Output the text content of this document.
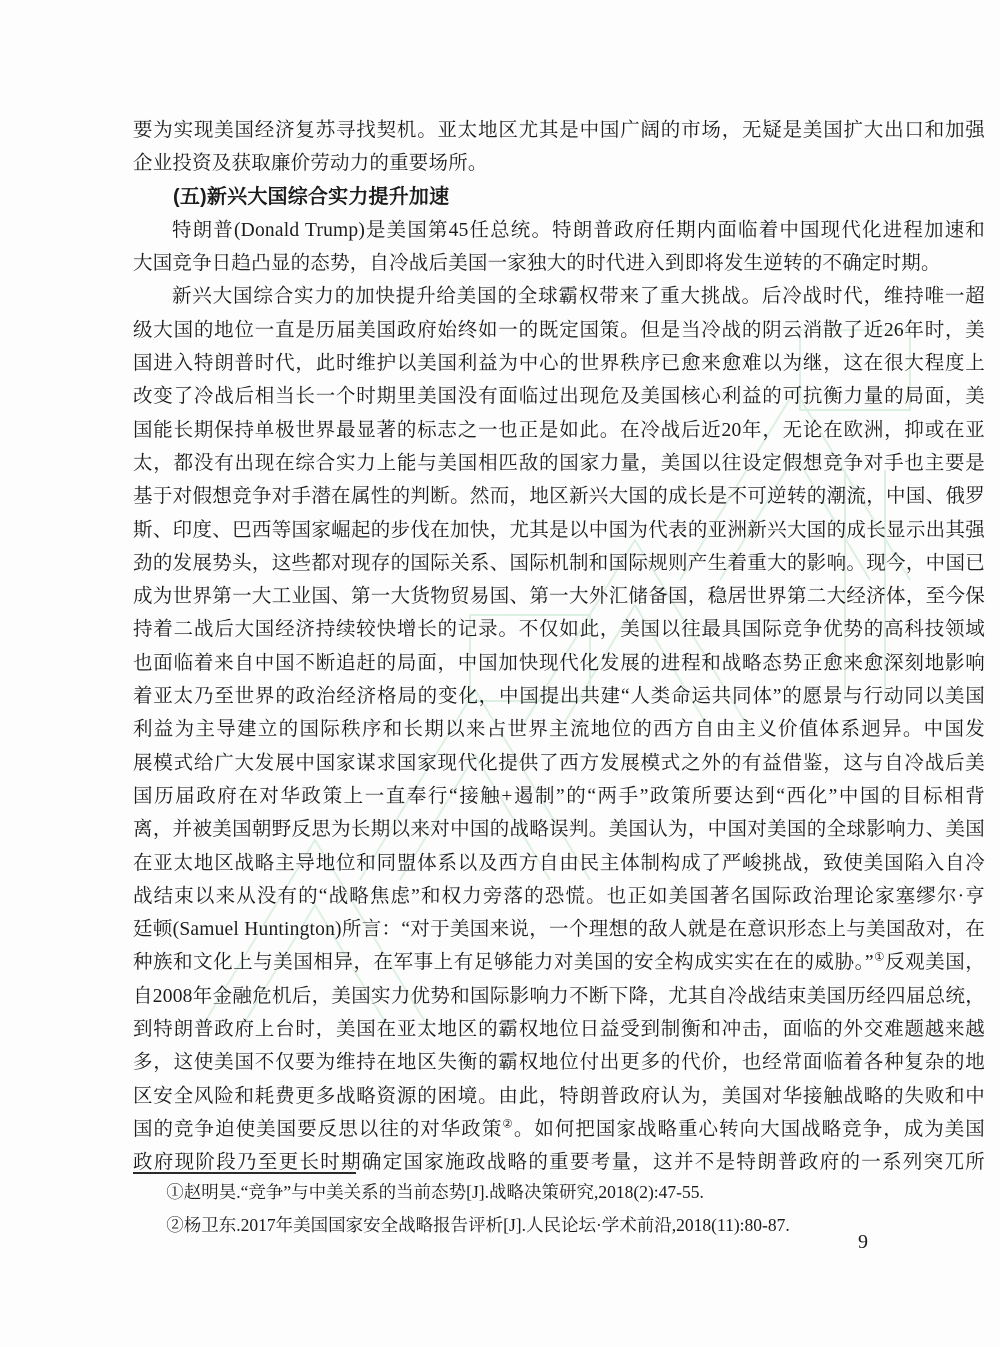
要为实现美国经济复苏寻找契机。亚太地区尤其是中国广阔的市场，无疑是美国扩大出口和加强
企业投资及获取廉价劳动力的重要场所。
(五)新兴大国综合实力提升加速
特朗普(Donald Trump)是美国第45任总统。特朗普政府任期内面临着中国现代化进程加速和
大国竞争日趋凸显的态势，自冷战后美国一家独大的时代进入到即将发生逆转的不确定时期。
新兴大国综合实力的加快提升给美国的全球霸权带来了重大挑战。后冷战时代，维持唯一超
级大国的地位一直是历届美国政府始终如一的既定国策。但是当冷战的阴云消散了近26年时，美
国进入特朗普时代，此时维护以美国利益为中心的世界秩序已愈来愈难以为继，这在很大程度上
改变了冷战后相当长一个时期里美国没有面临过出现危及美国核心利益的可抗衡力量的局面，美
国能长期保持单极世界最显著的标志之一也正是如此。在冷战后近20年，无论在欧洲，抑或在亚
太，都没有出现在综合实力上能与美国相匹敌的国家力量，美国以往设定假想竞争对手也主要是
基于对假想竞争对手潜在属性的判断。然而，地区新兴大国的成长是不可逆转的潮流，中国、俄罗
斯、印度、巴西等国家崛起的步伐在加快，尤其是以中国为代表的亚洲新兴大国的成长显示出其强
劲的发展势头，这些都对现存的国际关系、国际机制和国际规则产生着重大的影响。现今，中国已
成为世界第一大工业国、第一大货物贸易国、第一大外汇储备国，稳居世界第二大经济体，至今保
持着二战后大国经济持续较快增长的记录。不仅如此，美国以往最具国际竞争优势的高科技领域
也面临着来自中国不断追赶的局面，中国加快现代化发展的进程和战略态势正愈来愈深刻地影响
着亚太乃至世界的政治经济格局的变化，中国提出共建“人类命运共同体”的愿景与行动同以美国
利益为主导建立的国际秩序和长期以来占世界主流地位的西方自由主义价值体系迥异。中国发
展模式给广大发展中国家谋求国家现代化提供了西方发展模式之外的有益借鉴，这与自冷战后美
国历届政府在对华政策上一直奉行“接触+遏制”的“两手”政策所要达到“西化”中国的目标相背
离，并被美国朝野反思为长期以来对中国的战略误判。美国认为，中国对美国的全球影响力、美国
在亚太地区战略主导地位和同盟体系以及西方自由民主体制构成了严峻挑战，致使美国陷入自冷
战结束以来从没有的“战略焦虑”和权力旁落的恐慌。也正如美国著名国际政治理论家塞缪尔·亨
廷顿(Samuel Huntington)所言：“对于美国来说，一个理想的敌人就是在意识形态上与美国敌对，在
种族和文化上与美国相异，在军事上有足够能力对美国的安全构成实实在在的威胁。”①反观美国，
自2008年金融危机后，美国实力优势和国际影响力不断下降，尤其自冷战结束美国历经四届总统，
到特朗普政府上台时，美国在亚太地区的霸权地位日益受到制衡和冲击，面临的外交难题越来越
多，这使美国不仅要为维持在地区失衡的霸权地位付出更多的代价，也经常面临着各种复杂的地
区安全风险和耗费更多战略资源的困境。由此，特朗普政府认为，美国对华接触战略的失败和中
国的竞争迫使美国要反思以往的对华政策②。如何把国家战略重心转向大国战略竞争，成为美国
政府现阶段乃至更长时期确定国家施政战略的重要考量，这并不是特朗普政府的一系列突兀所
①赵明昊.“竞争”与中美关系的当前态势[J].战略决策研究,2018(2):47-55.
②杨卫东.2017年美国国家安全战略报告评析[J].人民论坛·学术前沿,2018(11):80-87.
9
